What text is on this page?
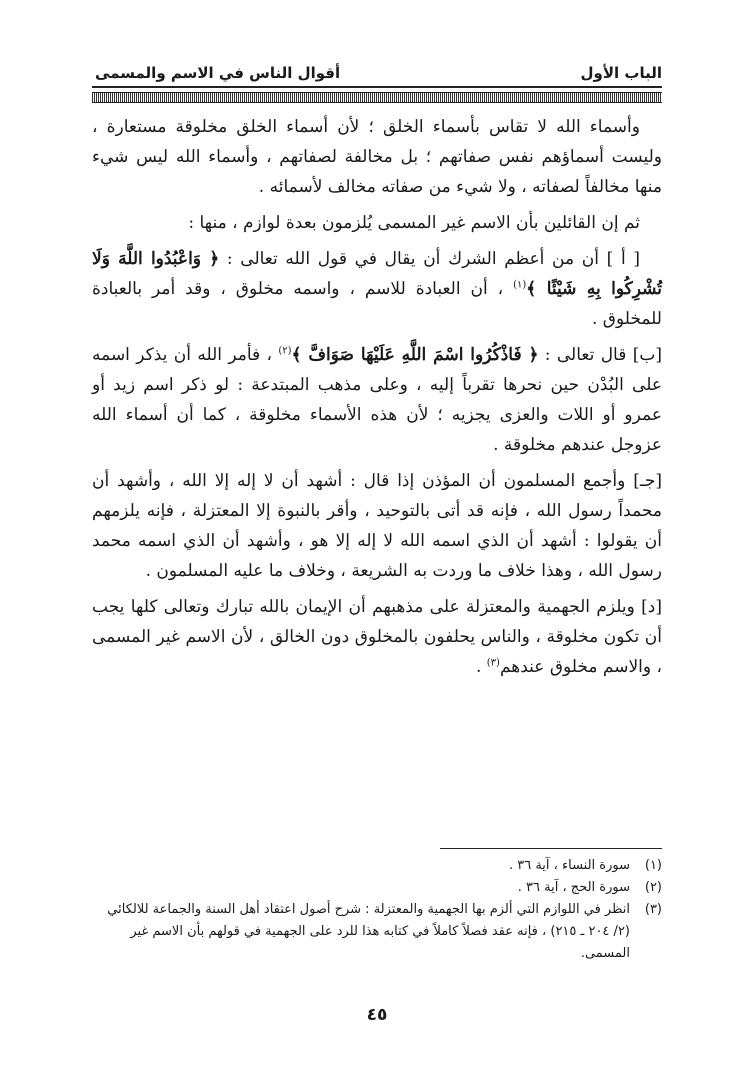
الباب الأول
أقوال الناس في الاسم والمسمى

وأسماء الله لا تقاس بأسماء الخلق ؛ لأن أسماء الخلق مخلوقة مستعارة ، وليست أسماؤهم نفس صفاتهم ؛ بل مخالفة لصفاتهم ، وأسماء الله ليس شيء منها مخالفاً لصفاته ، ولا شيء من صفاته مخالف لأسمائه .

ثم إن القائلين بأن الاسم غير المسمى يُلزمون بعدة لوازم ، منها :

[ أ ] أن من أعظم الشرك أن يقال في قول الله تعالى : ﴿ وَاعْبُدُوا اللَّهَ وَلَا تُشْرِكُوا بِهِ شَيْئًا ﴾$^{(١)}$ ، أن العبادة للاسم ، واسمه مخلوق ، وقد أمر بالعبادة للمخلوق .

[ب] قال تعالى : ﴿ فَاذْكُرُوا اسْمَ اللَّهِ عَلَيْهَا صَوَافَّ ﴾$^{(٢)}$ ، فأمر الله أن يذكر اسمه على البُدْن حين نحرها تقرباً إليه ، وعلى مذهب المبتدعة : لو ذكر اسم زيد أو عمرو أو اللات والعزى يجزيه ؛ لأن هذه الأسماء مخلوقة ، كما أن أسماء الله عزوجل عندهم مخلوقة .

[جـ] وأجمع المسلمون أن المؤذن إذا قال : أشهد أن لا إله إلا الله ، وأشهد أن محمداً رسول الله ، فإنه قد أتى بالتوحيد ، وأقر بالنبوة إلا المعتزلة ، فإنه يلزمهم أن يقولوا : أشهد أن الذي اسمه الله لا إله إلا هو ، وأشهد أن الذي اسمه محمد رسول الله ، وهذا خلاف ما وردت به الشريعة ، وخلاف ما عليه المسلمون .

[د] ويلزم الجهمية والمعتزلة على مذهبهم أن الإيمان بالله تبارك وتعالى كلها يجب أن تكون مخلوقة ، والناس يحلفون بالمخلوق دون الخالق ، لأن الاسم غير المسمى ، والاسم مخلوق عندهم$^{(٣)}$ .

(١)
سورة النساء ، آية ٣٦ .
(٢)
سورة الحج ، آية ٣٦ .
(٣)
انظر في اللوازم التي ألزم بها الجهمية والمعتزلة : شرح أصول اعتقاد أهل السنة والجماعة للالكائي (٢/ ٢٠٤ ـ ٢١٥) ، فإنه عقد فصلاً كاملاً في كتابه هذا للرد على الجهمية في قولهم بأن الاسم غير المسمى.
٤٥
